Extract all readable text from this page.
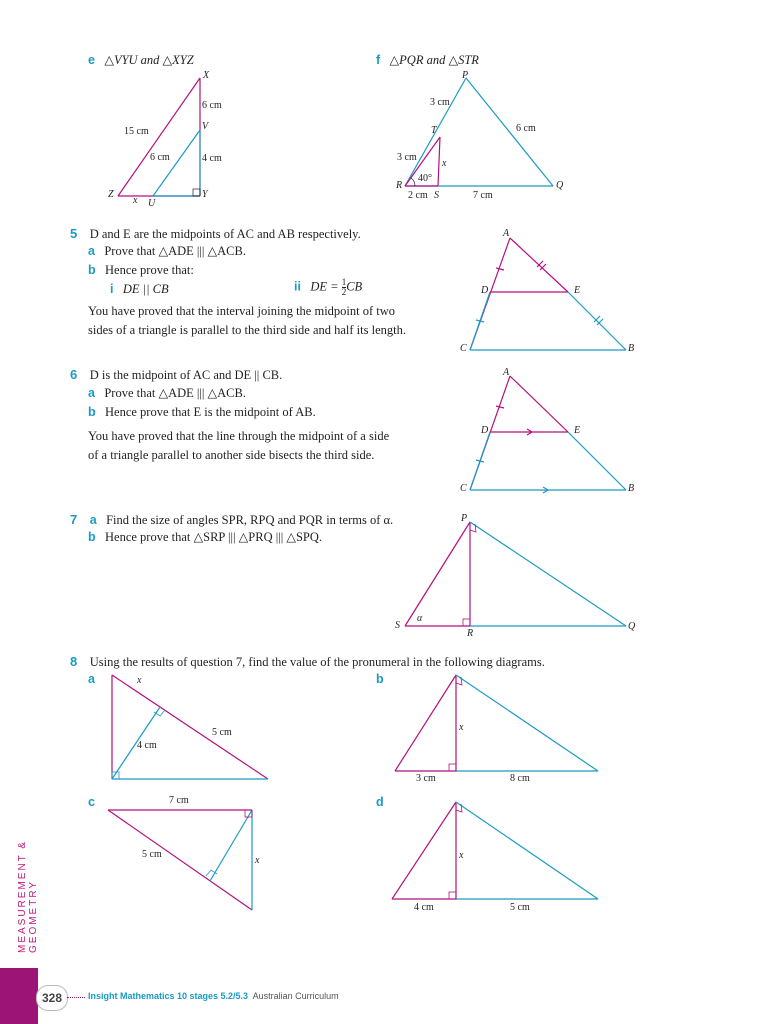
e △VYU and △XYZ	f △PQR and △STR
X
6 cm
V
15 cm
6 cm	4 cm
Z	Y
x U
P
3 cm
6 cm
T
3 cm
x
40°
R	Q
2 cm S	7 cm
5 D and E are the midpoints of AC and AB respectively.
a Prove that △ADE ||| △ACB.
b Hence prove that:
i DE || CB	ii DE = $\frac{1}{2}$ CB
You have proved that the interval joining the midpoint of two
sides of a triangle is parallel to the third side and half its length.
A
D	E
C	B
6 D is the midpoint of AC and DE || CB.
a Prove that △ADE ||| △ACB.
b Hence prove that E is the midpoint of AB.
You have proved that the line through the midpoint of a side
of a triangle parallel to another side bisects the third side.
A
D	E
C	B
7 a Find the size of angles SPR, RPQ and PQR in terms of α.
b Hence prove that △SRP ||| △PRQ ||| △SPQ.
P
S
α
R
Q
8 Using the results of question 7, find the value of the pronumeral in the following diagrams.
a	x
5 cm
4 cm
b
x
3 cm	8 cm
c	7 cm
5 cm
x
d
x
4 cm	5 cm
MEASUREMENT & GEOMETRY
328	Insight Mathematics 10 stages 5.2/5.3 Australian Curriculum
